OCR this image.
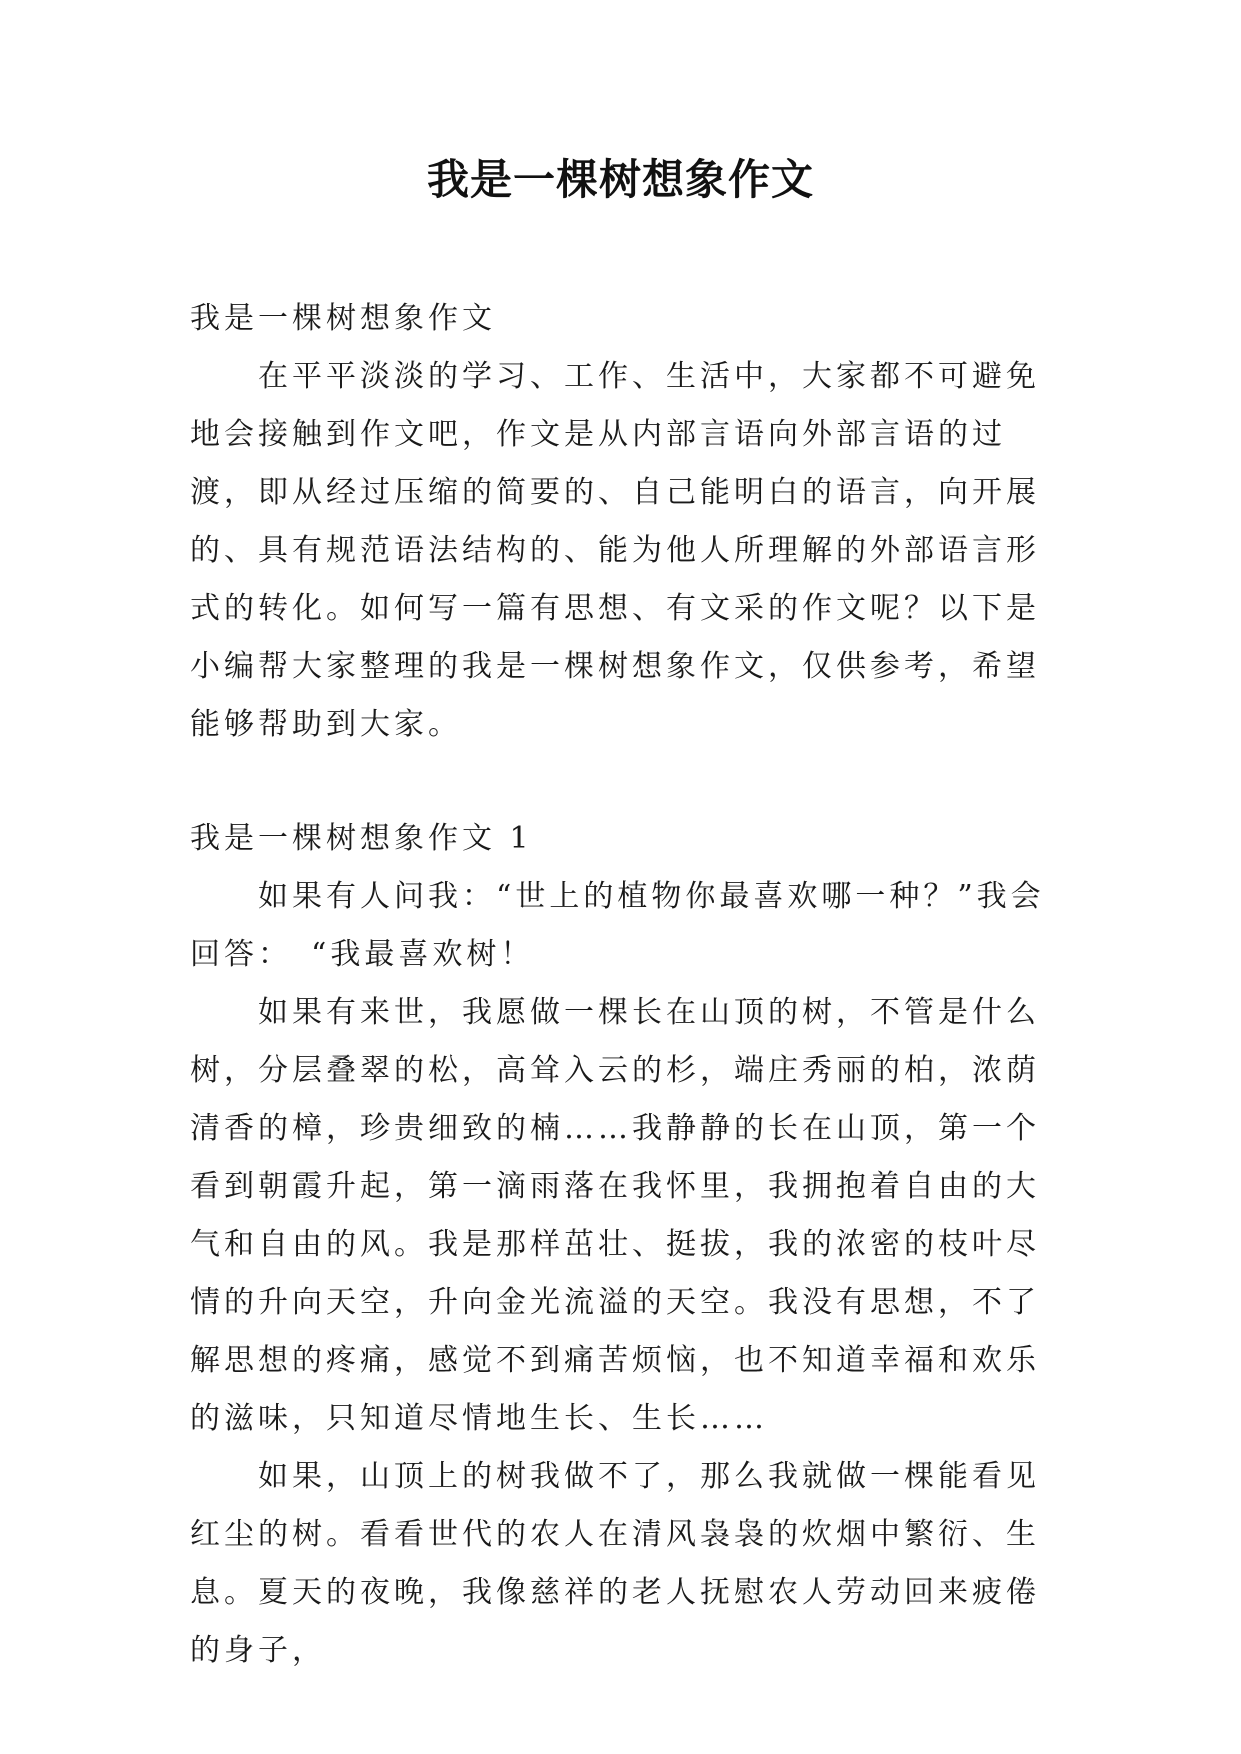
我是一棵树想象作文

我是一棵树想象作文

在平平淡淡的学习、工作、生活中，大家都不可避免地会接触到作文吧，作文是从内部言语向外部言语的过渡，即从经过压缩的简要的、自己能明白的语言，向开展的、具有规范语法结构的、能为他人所理解的外部语言形式的转化。如何写一篇有思想、有文采的作文呢？以下是小编帮大家整理的我是一棵树想象作文，仅供参考，希望能够帮助到大家。

我是一棵树想象作文 1

如果有人问我：“世上的植物你最喜欢哪一种？”我会回答：　“我最喜欢树！

如果有来世，我愿做一棵长在山顶的树，不管是什么树，分层叠翠的松，高耸入云的杉，端庄秀丽的柏，浓荫清香的樟，珍贵细致的楠……我静静的长在山顶，第一个看到朝霞升起，第一滴雨落在我怀里，我拥抱着自由的大气和自由的风。我是那样茁壮、挺拔，我的浓密的枝叶尽情的升向天空，升向金光流溢的天空。我没有思想，不了解思想的疼痛，感觉不到痛苦烦恼，也不知道幸福和欢乐的滋味，只知道尽情地生长、生长……

如果，山顶上的树我做不了，那么我就做一棵能看见红尘的树。看看世代的农人在清风袅袅的炊烟中繁衍、生息。夏天的夜晚，我像慈祥的老人抚慰农人劳动回来疲倦的身子，
